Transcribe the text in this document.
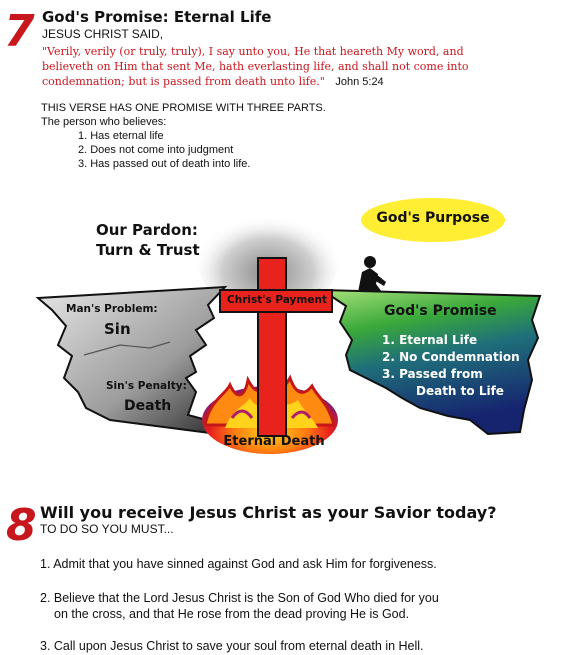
7 God's Promise: Eternal Life
JESUS CHRIST SAID,
"Verily, verily (or truly, truly), I say unto you, He that heareth My word, and
believeth on Him that sent Me, hath everlasting life, and shall not come into
condemnation; but is passed from death unto life." John 5:24
THIS VERSE HAS ONE PROMISE WITH THREE PARTS.
The person who believes:
1. Has eternal life
2. Does not come into judgment
3. Has passed out of death into life.
Our Pardon:
Turn & Trust
God's Purpose
Man's Problem:
Sin
Sin's Penalty:
Death
Christ's Payment
Eternal Death
God's Promise
1. Eternal Life
2. No Condemnation
3. Passed from
Death to Life
8 Will you receive Jesus Christ as your Savior today?
TO DO SO YOU MUST...
1. Admit that you have sinned against God and ask Him for forgiveness.
2. Believe that the Lord Jesus Christ is the Son of God Who died for you
on the cross, and that He rose from the dead proving He is God.
3. Call upon Jesus Christ to save your soul from eternal death in Hell.
